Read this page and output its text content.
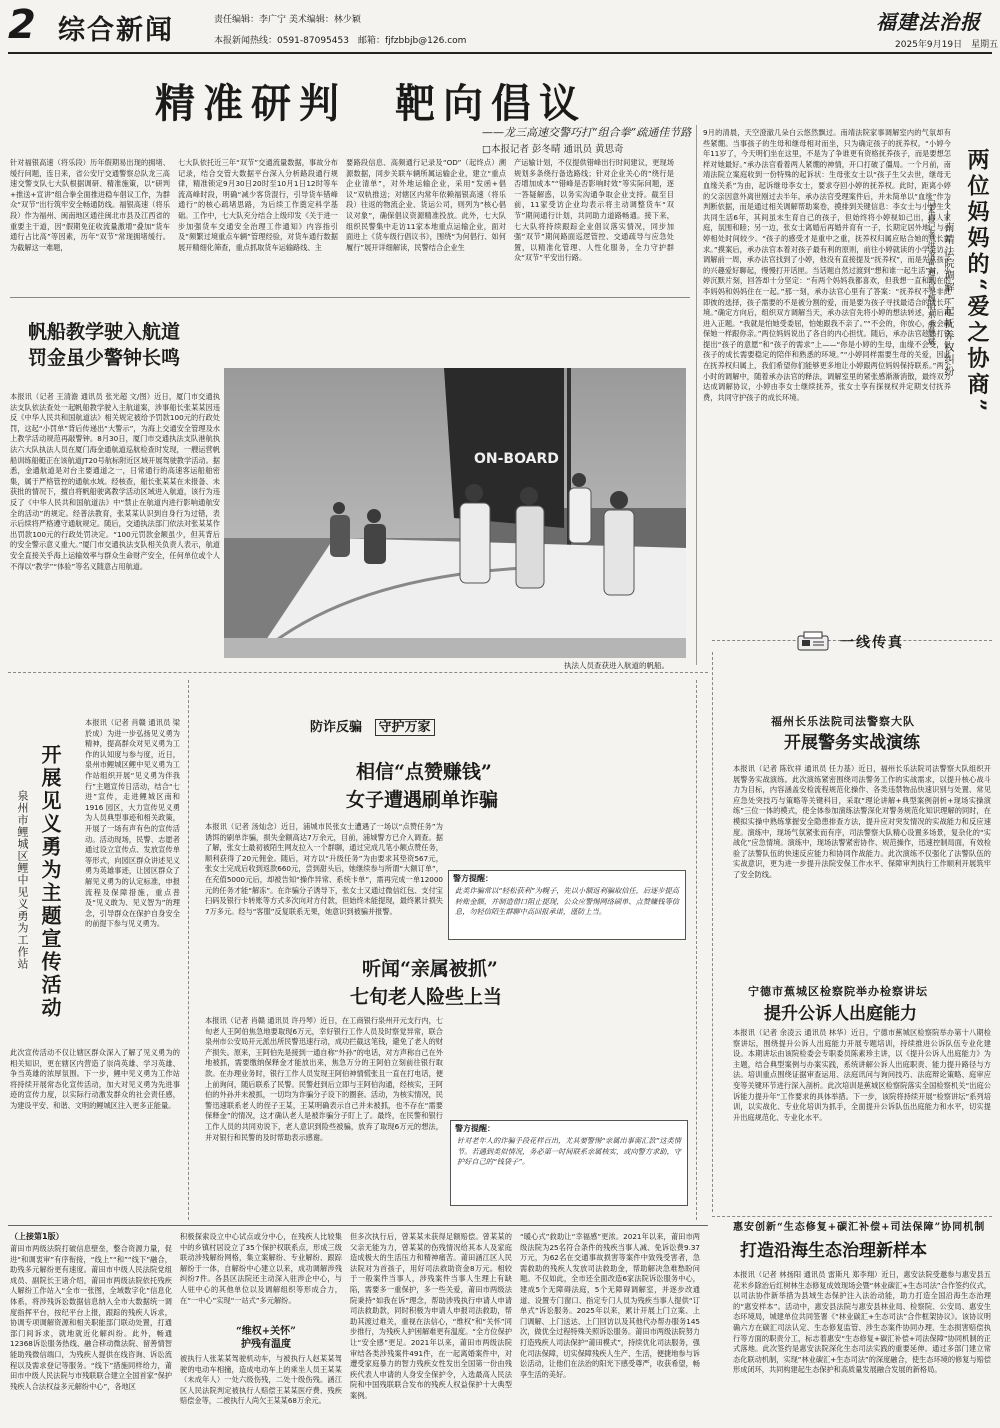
2 综合新闻	责任编辑：李广宁 美术编辑：林少颖
本报新闻热线：0591-87095453　邮箱：fjfzbbjb@126.com
福建法治报
2025年9月19日　星期五
精准研判　靶向倡议
——龙三高速交警巧打“组合拳”疏通佳节路
□本报记者 彭冬晴 通讯员 黄思奇
针对福银高速（将乐段）历年假期易出现的拥堵、缓行问题，连日来，省公安厅交通警察总队龙三高速交警支队七大队根据调研、精准施策，以“研判+推送+宣讲”组合拳全面推进稳车倡议工作，为群众“双节”出行筑牢安全畅通防线。福银高速（将乐段）作为福州、闽南地区通往闽北市县及江西省的重要主干道，因“假期免征收流量激增”叠加“货车通行占比高”等因素，历年“双节”常现拥堵缓行。为截解这一难题，
七大队依托近三年“双节”交通流量数据，事故分布记录，结合交管大数据平台深入分析路段通行规律，精准锁定9月30日20时至10月1日12时等车流高峰时段，明确“减少客货混行，引导货车错峰通行”的核心疏堵思路，为后续工作奠定科学基础。工作中，七大队充分结合上级印发《关于进一步加强货车交通安全治理工作通知》内容指引及“频繁过境重点车辆”管理经验，对货车通行数据展开精细化筛查，重点抓取货车运输路线、主
要路段信息、高频通行记录及“OD”（起终点）溯源数据，同步关联车辆所属运输企业，建立“重点企业清单”，对外地运输企业，采用“发函+倡议”双轨推送；对辖区内常年依赖福银高速（将乐段）往返的物流企业、货运公司，则列为“核心倡议对象”，确保倡议资源精准投放。此外，七大队组织民警集中走访11家本地重点运输企业，面对面进上《货车级行倡议书》，围绕“为何倡行、如何履行”展开详细解读，民警结合企业生
产运输计划，不仅提供错峰出行时间建议，更现场规划多条绕行备选路线；针对企业关心的“绕行是否增加成本”“错峰是否影响时效”等实际问题，逐一答疑解惑，以务实沟通争取企业支持。截至目前，11家受访企业均表示将主动调整货车“双节”期间通行计划，共同助力道路畅通。接下来，七大队将持续跟踪企业倡议落实情况，同步加强“双节”期间路面巡逻管控、交通疏导与应急处置，以精准化管理、人性化服务，全力守护群众“双节”平安出行路。
帆船教学驶入航道
罚金虽少警钟长鸣
本报讯（记者 王清澹 通讯员 张光超 文/图）近日，厦门市交通执法支队依法查处一起帆船教学驶入主航道案，涉事船长张某某因违反《中华人民共和国航道法》相关规定被给予罚款100元的行政处罚，这起“小罚单”背后传递出“大警示”，为海上交通安全管理及水上教学活动规范再敲警钟。8月30日，厦门市交通执法支队港航执法六大队执法人员在厦门海金通航道巡航检查时发现，一艘运营帆船训练船艇正在该航道JT20号航标附近区域开展驾驶教学活动。据悉，金通航道是对台主要通道之一，日常通行的高速客运船舶密集，属于严格管控的通航水域。经核查，船长张某某在未报备、未获批的情况下，擅自将帆船驶离教学活动区域进入航道，该行为违反了《中华人民共和国航道法》中“禁止在航道内进行影响通航安全的活动”的规定。经普法教育，张某某认识到自身行为过错，表示后续将严格遵守通航规定。随后，交通执法部门依法对张某某作出罚款100元的行政处罚决定。“100元罚款金额虽少，但其背后的安全警示意义重大。”厦门市交通执法支队相关负责人表示，航道安全直接关乎海上运输效率与群众生命财产安全，任何单位或个人不得以“教学”“体验”等名义随意占用航道。
ON-BOARD
执法人员查获进入航道的帆船。
9月的清晨，天空澄澈几朵白云悠然飘过。南靖法院家事调解室内的气氛却有些紧绷。当事孩子的生母和继母相对而坐，只为确定孩子的抚养权。“小婷今年11岁了，今天明们坐在这里，不是为了争谁更有资格抚养孩子，而是要想怎样对她最好。”承办法官看着两人紧绷的神情，开口打破了僵局。一个月前，南靖法院立案庭收到一份特殊的起诉状：生母张女士以“孩子生父去世，继母无血缘关系”为由，起诉继母李女士，要求夺回小婷的抚养权。此时，距离小婷的父亲因意外离世刚过去半年。承办法官受理案件后，并未简单以“血缘”作为判断依据，而是通过相关调解帮助案卷，摸排到关键信息：李女士与小婷生父共同生活6年，其间虽未生育自己的孩子，但始终将小婷视如己出，四人家庭，氛围和睦；另一边，张女士离婚后再婚并育有一子，长期定居外地，与小婷相处时间较少。“孩子的感受才是重中之重，抚养权归属应贴合她的成长需求。”摸案后，承办法官本着对孩子最有利的原则，前往小婷就读的小学走访。调解前一周，承办法官找到了小婷，他没有直接提及“抚养权”，而是先从孩子的兴趣爱好聊起，慢慢打开话匣。当话题自然过渡到“想和谁一起生活”时，小婷沉默片刻，回答却十分坚定：“有两个妈妈我都喜欢，但我想一直和现在的李妈妈和妈妈住在一起。”那一刻，承办法官心里有了答案：“抚养权不是非此即彼的选择，孩子需要的不是被分割的爱，而是要为孩子寻找最适合的成长环境。”确定方向后，组织双方调解当天，承办法官先将小婷的想法转述，而后再进入正题。“我就是怕她受委屈，怕她跟我不亲了。”“不会的，你放心，我会确保她一样跟你亲。”两位妈妈说出了各自的内心担忧。随后，承办法官趁热打铁提出“孩子的意愿”和“孩子的需求”上——“你是小婷的生母，血缘不会变，但孩子的成长需要稳定的陪伴和熟悉的环境。”“小婷同样需要生母的关爱，因此在抚养权归属上，我们希望你们能够更多地让小婷跟两位妈妈保持联系。”两个小时的调解中，随着承办法官的释法，调解室里的紧张感渐渐消散，最终双方达成调解协议，小婷由李女士继续抚养，张女士享有探视权并定期支付抚养费，共同守护孩子的成长环境。	两位妈妈的“爱之协商”
——南靖法院调解一起抚养权纠纷
□本报记者 洪凌雷 通讯员 魏明东 詹慧斌
一线传真
福州长乐法院司法警察大队
开展警务实战演练
本报讯（记者 陈钦祥 通讯员 任力基）近日，福州长乐法院司法警察大队组织开展警务实战演练。此次演练紧密围绕司法警务工作的实战需求，以提升核心战斗力为目标，内容涵盖安检流程规范化操作、各类违禁物品快速识别与处置、常见应急处突技巧与策略等关键科目，采取“理论讲解+典型案例剖析+现场实操演练”三位一体的模式，使全体参加演练法警深化对警务规范化知识理解的同时，在模拟实操中熟练掌握安全隐患排查方法，提升应对突发情况的实战能力和反应速度。演练中，现场气氛紧张而有序，司法警察大队精心设置多场景，复杂化的“实战化”应急情境。演练中，现场法警紧密协作、规范操作，迅速控制局面，有效检验了法警队伍的快速反应能力和协同作战能力。此次演练不仅强化了法警队伍的实战意识，更为进一步提升法院安保工作水平、保障审判执行工作顺利开展筑牢了安全防线。
宁德市蕉城区检察院举办检察讲坛
提升公诉人出庭能力
本报讯（记者 余凌云 通讯员 林华）近日，宁德市蕉城区检察院举办第十八期检察讲坛，围绕提升公诉人出庭能力开展专题培训，持续推进公诉队伍专业化建设。本期讲坛由该院检委会专职委员陈素珍主讲，以《提升公诉人出庭能力》为主题，结合典型案例与办案实践，系统讲解公诉人出庭职责、能力提升路径与方法。培训重点围绕证据审查运用、法庭讯问与询问技巧、法庭辩论策略、庭审应变等关键环节进行深入剖析。此次培训是蕉城区检察院落实全国检察机关“出庭公诉能力提升年”工作要求的具体举措。下一步，该院将持续开展“检察讲坛”系列培训，以实战化、专业化培训为抓手，全面提升公诉队伍出庭能力和水平，切实提升出庭规范化、专业化水平。
惠安创新“生态修复+碳汇补偿+司法保障”协同机制
打造沿海生态治理新样本
本报讯（记者 林扬阳 通讯员 雷斯凡 郑李翔）近日，惠安法院受邀参与惠安县五花米乡除治后红树林生态修复成效现场会暨“林业碳汇+生态司法”合作签约仪式，以司法协作新举措为县域生态保护注入法治动能，助力打造全国沿海生态治理的“惠安样本”。活动中，惠安县法院与惠安县林业局、检察院、公安局、惠安生态环境局，城建单位共同签署《“林业碳汇+生态司法”合作框架协议》。该协议明确六方在碳汇司法认定、生态修复监管、涉生态案件协同办理、生态损害赔偿执行等方面的职责分工，标志着惠安“生态修复+碳汇补偿+司法保障”协同机制的正式落地。此次签约是惠安法院深化生态司法实践的重要延伸。通过多部门建立常态化联动机制，实现“林业碳汇+生态司法”的深度融合，使生态环境的修复与赔偿形成闭环，共同构建起生态保护和高质量发展融合发展的新格局。
开展见义勇为主题宣传活动
泉州市鲤城区鲤中见义勇为工作站
本报讯（记者 肖赣 通讯员 梁於成）为进一步弘扬见义勇为精神，提高群众对见义勇为工作的认知度与参与度，近日，泉州市鲤城区鲤中见义勇为工作站组织开展“见义勇为伴我行”主题宣传日活动，结合“七进”宣传，走进鲤城区南和1916 园区，大力宣传见义勇为人员典型事迹和相关政策，开展了一场有声有色的宣传活动。活动现场，民警、志愿者通过设立宣传点、发放宣传单等形式，向园区群众讲述见义勇为英雄事迹，让园区群众了解见义勇为的认定标准，申报流程及保障措施，重点普及“见义敢为、见义智为”的理念，引导群众在保护自身安全的前提下参与见义勇为。
此次宣传活动不仅让辖区群众深入了解了见义勇为的相关知识，更在辖区内营造了崇尚英雄、学习英雄、争当英雄的浓厚氛围。下一步，鲤中见义勇为工作站将持续开展常态化宣传活动，加大对见义勇为先进事迹的宣传力度，以实际行动激发群众的社会责任感，为建设平安、和谐、文明的鲤城区注入更多正能量。
防诈反骗 守护万家
相信“点赞赚钱”
女子遭遇刷单诈骗
本报讯（记者 汤灿念）近日，浦城市民张女士遭遇了一场以“点赞任务”为诱饵的刷单诈骗，损失金额高达7万余元，目前，浦城警方已介入调查。据了解，张女士最初被陌生网友拉入一个群聊，通过完成几笔小额点赞任务，顺利获得了20元佣金。随后，对方以“升级任务”为由要求其垫资567元，张女士完成后收到返款660元，尝到甜头后，她继续参与所谓“大额订单”，在充值5000元后，却被告知“操作异常、系统卡单”，需再完成一单12000元的任务才能“解冻”。在诈骗分子诱导下，张女士又通过微信红包、支付宝扫码及银行卡转账等方式多次向对方付款，但始终未能提现，最终累计损失7万多元。经与“客服”反复联系无果，她意识到被骗并报警。
警方提醒：
此类诈骗常以“轻松获利”为幌子，先以小额返利骗取信任，后逐步提高转账金额，并制造借口阻止提现，公众应警惕网络刷单、点赞赚钱等信息，勿轻信陌生群聊中高回报承诺，谨防上当。
听闻“亲属被抓”
七旬老人险些上当
本报讯（记者 肖赣 通讯员 许丹琴）近日，在工商银行泉州开元支行内，七旬老人王阿伯焦急地要取现6万元，幸好银行工作人员及时察觉异常，联合泉州市公安局开元派出所民警迅速行动，成功拦截这笔钱，避免了老人的财产损失。原来，王阿伯先是接到一通自称“外孙”的电话，对方声称自己在外地被抓，需要缴纳保释金才能放出来，焦急万分的王阿伯立刻前往银行取款。在办理业务时，银行工作人员发现王阿伯神情慌张且一直在打电话，便上前询问，随后联系了民警。民警赶到后立即与王阿伯沟通，经核实，王阿伯的外孙并未被抓，一切均为诈骗分子设下的圈套。活动，为核实情况，民警迅速联系老人的侄子王某，王某明确表示自己并未被抓，也不存在“需要保释金”的情况，这才确认老人是被诈骗分子盯上了。最终，在民警和银行工作人员的共同劝说下，老人意识到险些被骗，放弃了取现6万元的想法，并对银行和民警的及时帮助表示感谢。
警方提醒：
针对老年人的诈骗手段花样百出，尤其要警惕“亲属出事需汇款”这类情节。若遇到类似情况，务必第一时间联系亲属核实，或向警方求助，守护好自己的“钱袋子”。
（上接第1版）
莆田市两级法院打破信息壁垒，整合资源力量，促进“和调衷审”有序衔接，“线上”“和”“线下”融合，助残多元解纷更有速度。莆田市中级人民法院党组成员、副院长王诸介绍，莆田市两级法院依托残疾人解纷工作站入“全市一张图，全域数字化”信息化体系，将涉残诉讼数据信息纳入全市大数据统一调度指挥平台，按纪平台上报，跟踪的残疾人诉求，协调专项调解资源和相关职能部门联动处置，打通部门间诉求，就地就近化解纠纷。此外，畅通12368诉讼服务热线、融合移动微法院、留善情智能助残微信端口，为残疾人提供在线咨询、诉讼流程以及需求登记等服务。“线下”措施同样给力，莆田市中级人民法院与市残联联合建立全国首家“保护残疾人合法权益多元解纷中心”，各地区
积极探索设立中心试点或分中心，在残疾人比较集中的乡镇村居设立了35个保护权联系点，形成三级联动涉残解纷网格，集立案解纷、专业解纷、跟踪解纷于一体，自解纷中心建立以来，成功调解涉残纠纷7件。各县区法院还主动深入驻涉企中心，与人驻中心的其他单位以及调解组织等形成合力，在“一中心”实现“一站式”多元解纷。
“维权+关怀”
护残有温度
被执行人张某某驾驶机动车，与被执行人赵某某驾驶的电动车相撞，造成电动车上的乘坐人员王某某（未成年人）一处六级伤残，二处十级伤残。涵江区人民法院判定被执行人赔偿王某某医疗费、残疾赔偿金等，二被执行人尚欠王某某68万余元。
但多次执行后，曾某某未获得足额赔偿。曾某某的父亲无能为力，曾某某的伤残情况给其本人及家庭造成极大的生活压力和精神痛苦。莆田涵江区人民法院对为首孩子，用好司法救助资金8万元。相较于一般案件当事人，涉残案件当事人生理上有缺陷，需要多一重保护，多一些关爱，莆田市两级法院秉持“如我在诉”理念，帮助涉残执行申请人申请司法救助款，同时积极为申请人申报司法救助，帮助其渡过难关，重视在法信心，“维权”和“关怀”同步推行，为残疾人护困解难更有温度。“全方位保护让“安全感”更足。2021年以来，莆田市两级法院审结各类涉残案件491件，在一起离婚案件中，对遭受家庭暴力的智力残疾女性发出全国第一份由残疾代表人申请的人身安全保护令，入选最高人民法院和中国残联联合发布的残疾人权益保护十大典型案例。
“暖心式”救助让“幸福感”更浓。2021年以来，莆田市两级法院为25名符合条件的残疾当事人减、免诉讼费9.37万元，为62名在交通事故损害等案件中致残受害者，急需救助的残疾人发放司法救助金，帮助解决急难愁盼问题。不仅如此，全市还全面改造6家法院诉讼服务中心，建成5个无障碍法庭，5个无障碍调解室，并逐步改通道、设置专门窗口、指定专门人员为残疾当事人提供“订单式”诉讼服务。2025年以来，累计开展上门立案、上门调解、上门送达、上门回访以及其他代办帮办服务145次，做优全过程特殊关照诉讼服务。莆田市两级法院努力打造残疾人司法保护“莆田模式”，持续优化司法服务，强化司法保障，切实保障残疾人生产、生活，便捷地参与诉讼活动，让他们在法治的阳光下感受尊严，收获希望，畅享生活的美好。
